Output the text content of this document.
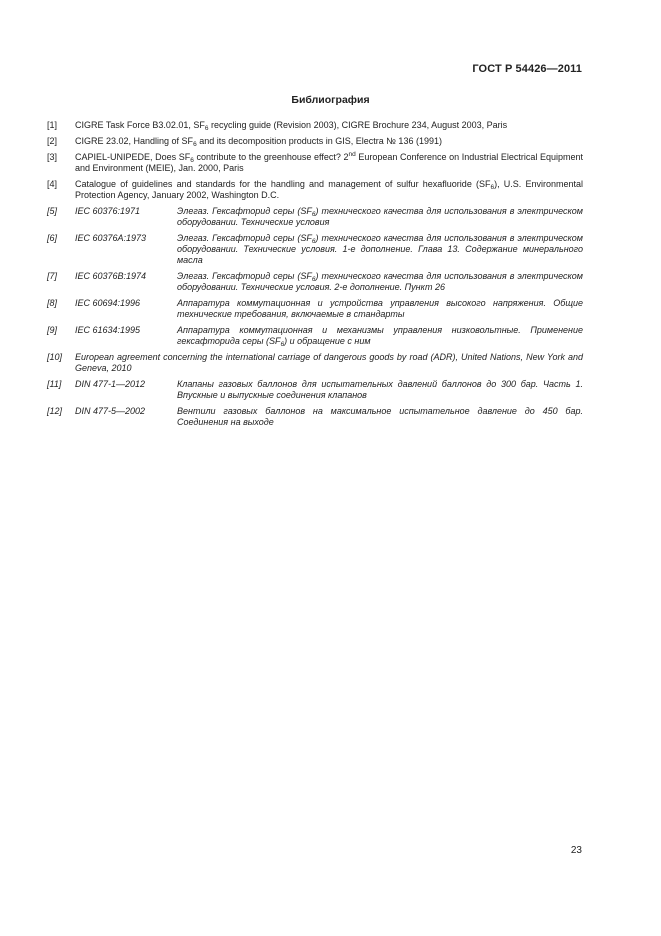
ГОСТ Р 54426—2011
Библиография
[1]	CIGRE Task Force B3.02.01, $SF_6$ recycling guide (Revision 2003), CIGRE Brochure 234, August 2003, Paris
[2]	CIGRE 23.02, Handling of $SF_6$ and its decomposition products in GIS, Electra № 136 (1991)
[3]	CAPIEL-UNIPEDE, Does $SF_6$ contribute to the greenhouse effect? 2nd European Conference on Industrial Electrical Equipment and Environment (MEIE), Jan. 2000, Paris
[4]	Catalogue of guidelines and standards for the handling and management of sulfur hexafluoride $(SF_6)$, U.S. Environmental Protection Agency, January 2002, Washington D.C.
[5]	IEC 60376:1971	Элегаз. Гексафторид серы $(SF_6)$ технического качества для использования в электрическом оборудовании. Технические условия
[6]	IEC 60376A:1973	Элегаз. Гексафторид серы $(SF_6)$ технического качества для использования в электрическом оборудовании. Технические условия. 1-е дополнение. Глава 13. Содержание минерального масла
[7]	IEC 60376B:1974	Элегаз. Гексафторид серы $(SF_6)$ технического качества для использования в электрическом оборудовании. Технические условия. 2-е дополнение. Пункт 26
[8]	IEC 60694:1996	Аппаратура коммутационная и устройства управления высокого напряжения. Общие технические требования, включаемые в стандарты
[9]	IEC 61634:1995	Аппаратура коммутационная и механизмы управления низковольтные. Применение гексафторида серы $(SF_6)$ и обращение с ним
[10]	European agreement concerning the international carriage of dangerous goods by road (ADR), United Nations, New York and Geneva, 2010
[11]	DIN 477-1—2012	Клапаны газовых баллонов для испытательных давлений баллонов до 300 бар. Часть 1. Впускные и выпускные соединения клапанов
[12]	DIN 477-5—2002	Вентили газовых баллонов на максимальное испытательное давление до 450 бар. Соединения на выходе
23
